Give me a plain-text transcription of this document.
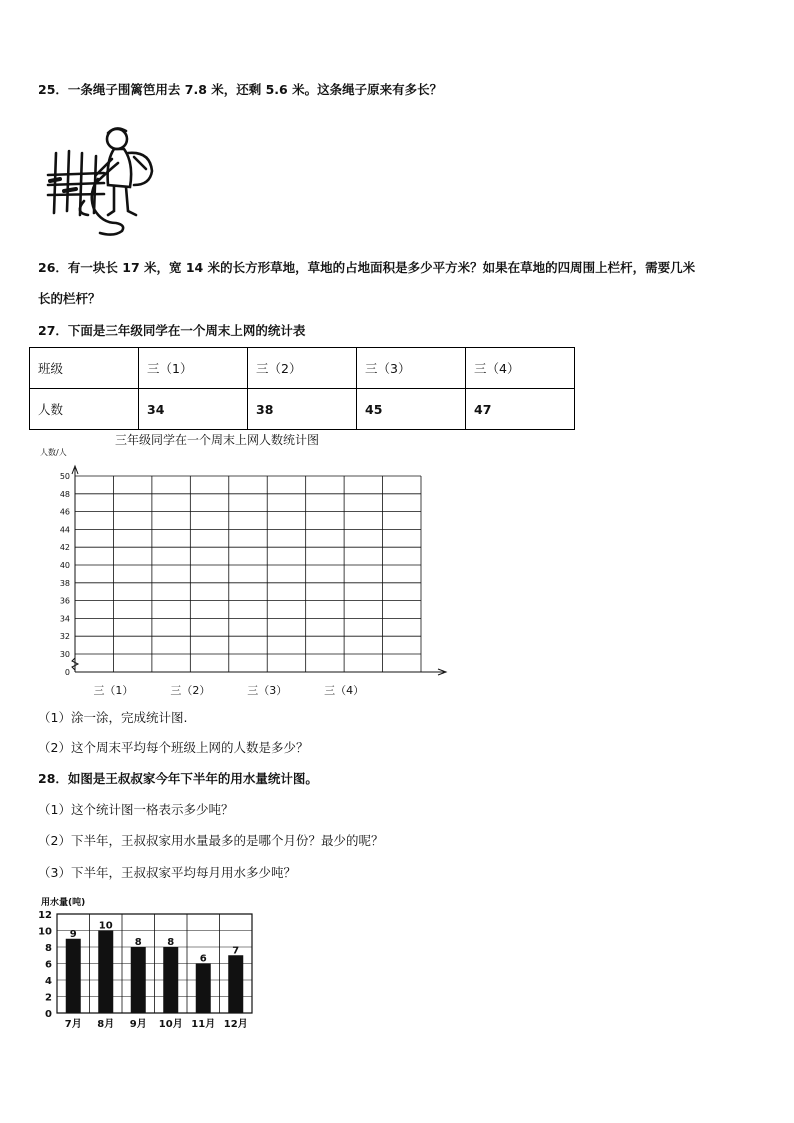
25．一条绳子围篱笆用去 7.8 米，还剩 5.6 米。这条绳子原来有多长？
26．有一块长 17 米，宽 14 米的长方形草地，草地的占地面积是多少平方米？如果在草地的四周围上栏杆，需要几米
长的栏杆？
27．下面是三年级同学在一个周末上网的统计表
班级	三（1）	三（2）	三（3）	三（4）
人数	34	38	45	47
三年级同学在一个周末上网人数统计图
人数/人
50
48
46
44
42
40
38
36
34
32
30
0
三（1）	三（2）	三（3）	三（4）
（1）涂一涂，完成统计图.
（2）这个周末平均每个班级上网的人数是多少？
28．如图是王叔叔家今年下半年的用水量统计图。
（1）这个统计图一格表示多少吨？
（2）下半年，王叔叔家用水量最多的是哪个月份？最少的呢？
（3）下半年，王叔叔家平均每月用水多少吨？
用水量(吨)
12
10
8
6
4
2
0
9
10
8	8
6
7
7月 8月 9月 10月 11月 12月
